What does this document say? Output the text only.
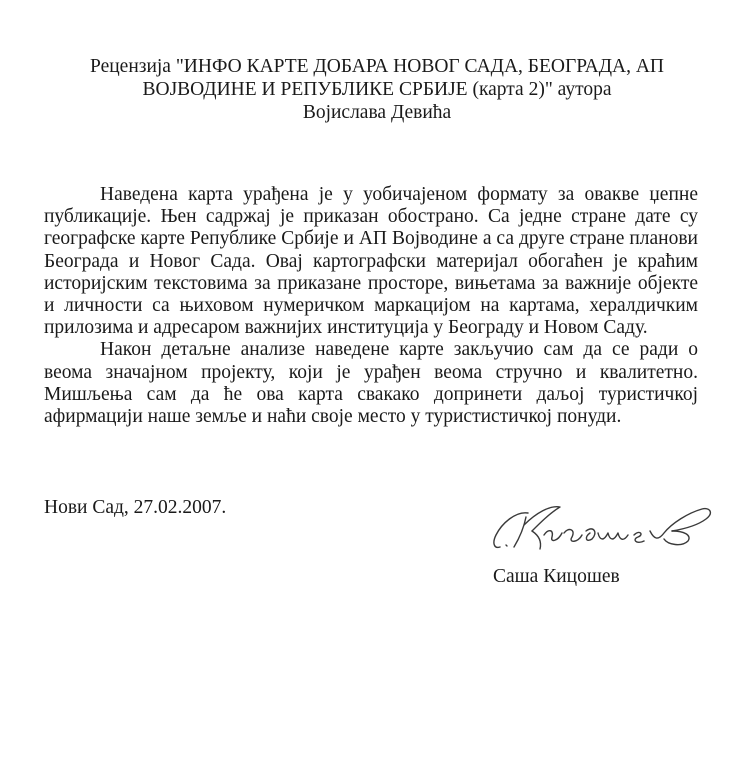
Рецензија "ИНФО КАРТЕ ДОБАРА НОВОГ САДА, БЕОГРАДА, АП
ВОЈВОДИНЕ И РЕПУБЛИКЕ СРБИЈЕ (карта 2)" аутора
Војислава Девића

Наведена карта урађена је у уобичајеном формату за овакве џепне публикације. Њен садржај је приказан обострано. Са једне стране дате су географске карте Републике Србије и АП Војводине а са друге стране планови Београда и Новог Сада. Овај картографски материјал обогаћен је краћим историјским текстовима за приказане просторе, вињетама за важније објекте и личности са њиховом нумеричком маркацијом на картама, хералдичким прилозима и адресаром важнијих институција у Београду и Новом Саду.

Након детаљне анализе наведене карте закључио сам да се ради о веома значајном пројекту, који је урађен веома стручно и квалитетно. Мишљења сам да ће ова карта свакако допринети даљој туристичкој афирмацији наше земље и наћи своје место у туристистичкој понуди.

Нови Сад, 27.02.2007.
Саша Кицошев
